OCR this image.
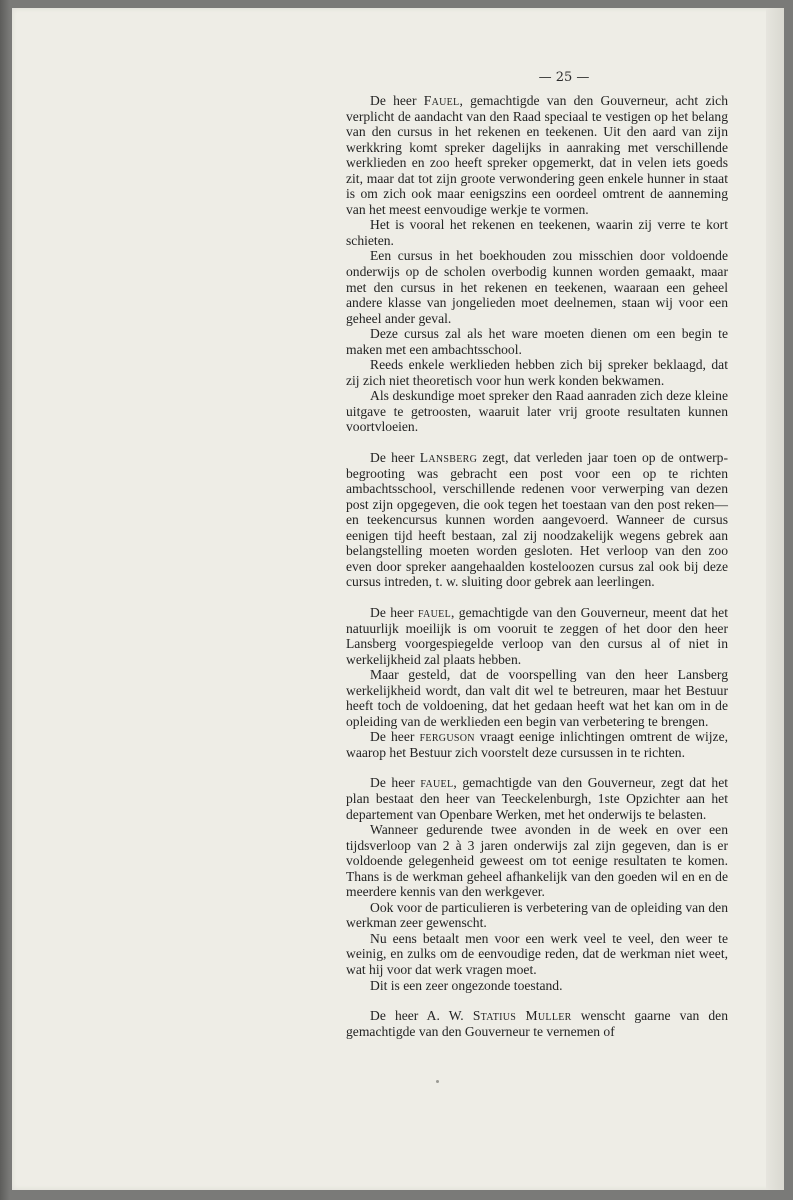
— 25 —

De heer Fauel, gemachtigde van den Gouverneur, acht zich verplicht de aandacht van den Raad speciaal te vestigen op het belang van den cursus in het rekenen en teekenen. Uit den aard van zijn werkkring komt spreker dagelijks in aanraking met verschillende werklieden en zoo heeft spreker opgemerkt, dat in velen iets goeds zit, maar dat tot zijn groote verwondering geen enkele hunner in staat is om zich ook maar eenigszins een oordeel omtrent de aanneming van het meest eenvoudige werkje te vormen.

Het is vooral het rekenen en teekenen, waarin zij verre te kort schieten.

Een cursus in het boekhouden zou misschien door voldoende onderwijs op de scholen overbodig kunnen worden gemaakt, maar met den cursus in het rekenen en teekenen, waaraan een geheel andere klasse van jongelieden moet deelnemen, staan wij voor een geheel ander geval.

Deze cursus zal als het ware moeten dienen om een begin te maken met een ambachtsschool.

Reeds enkele werklieden hebben zich bij spreker beklaagd, dat zij zich niet theoretisch voor hun werk konden bekwamen.

Als deskundige moet spreker den Raad aanraden zich deze kleine uitgave te getroosten, waaruit later vrij groote resultaten kunnen voortvloeien.

De heer Lansberg zegt, dat verleden jaar toen op de ontwerp-begrooting was gebracht een post voor een op te richten ambachtsschool, verschillende redenen voor verwerping van dezen post zijn opgegeven, die ook tegen het toestaan van den post reken—en teekencursus kunnen worden aangevoerd. Wanneer de cursus eenigen tijd heeft bestaan, zal zij noodzakelijk wegens gebrek aan belangstelling moeten worden gesloten. Het verloop van den zoo even door spreker aangehaalden kosteloozen cursus zal ook bij deze cursus intreden, t. w. sluiting door gebrek aan leerlingen.

De heer fauel, gemachtigde van den Gouverneur, meent dat het natuurlijk moeilijk is om vooruit te zeggen of het door den heer Lansberg voorgespiegelde verloop van den cursus al of niet in werkelijkheid zal plaats hebben.

Maar gesteld, dat de voorspelling van den heer Lansberg werkelijkheid wordt, dan valt dit wel te betreuren, maar het Bestuur heeft toch de voldoening, dat het gedaan heeft wat het kan om in de opleiding van de werklieden een begin van verbetering te brengen.

De heer ferguson vraagt eenige inlichtingen omtrent de wijze, waarop het Bestuur zich voorstelt deze cursussen in te richten.

De heer fauel, gemachtigde van den Gouverneur, zegt dat het plan bestaat den heer van Teeckelenburgh, 1ste Opzichter aan het departement van Openbare Werken, met het onderwijs te belasten.

Wanneer gedurende twee avonden in de week en over een tijdsverloop van 2 à 3 jaren onderwijs zal zijn gegeven, dan is er voldoende gelegenheid geweest om tot eenige resultaten te komen. Thans is de werkman geheel afhankelijk van den goeden wil en en de meerdere kennis van den werkgever.

Ook voor de particulieren is verbetering van de opleiding van den werkman zeer gewenscht.

Nu eens betaalt men voor een werk veel te veel, den weer te weinig, en zulks om de eenvoudige reden, dat de werkman niet weet, wat hij voor dat werk vragen moet.

Dit is een zeer ongezonde toestand.

De heer A. W. Statius Muller wenscht gaarne van den gemachtigde van den Gouverneur te vernemen of
